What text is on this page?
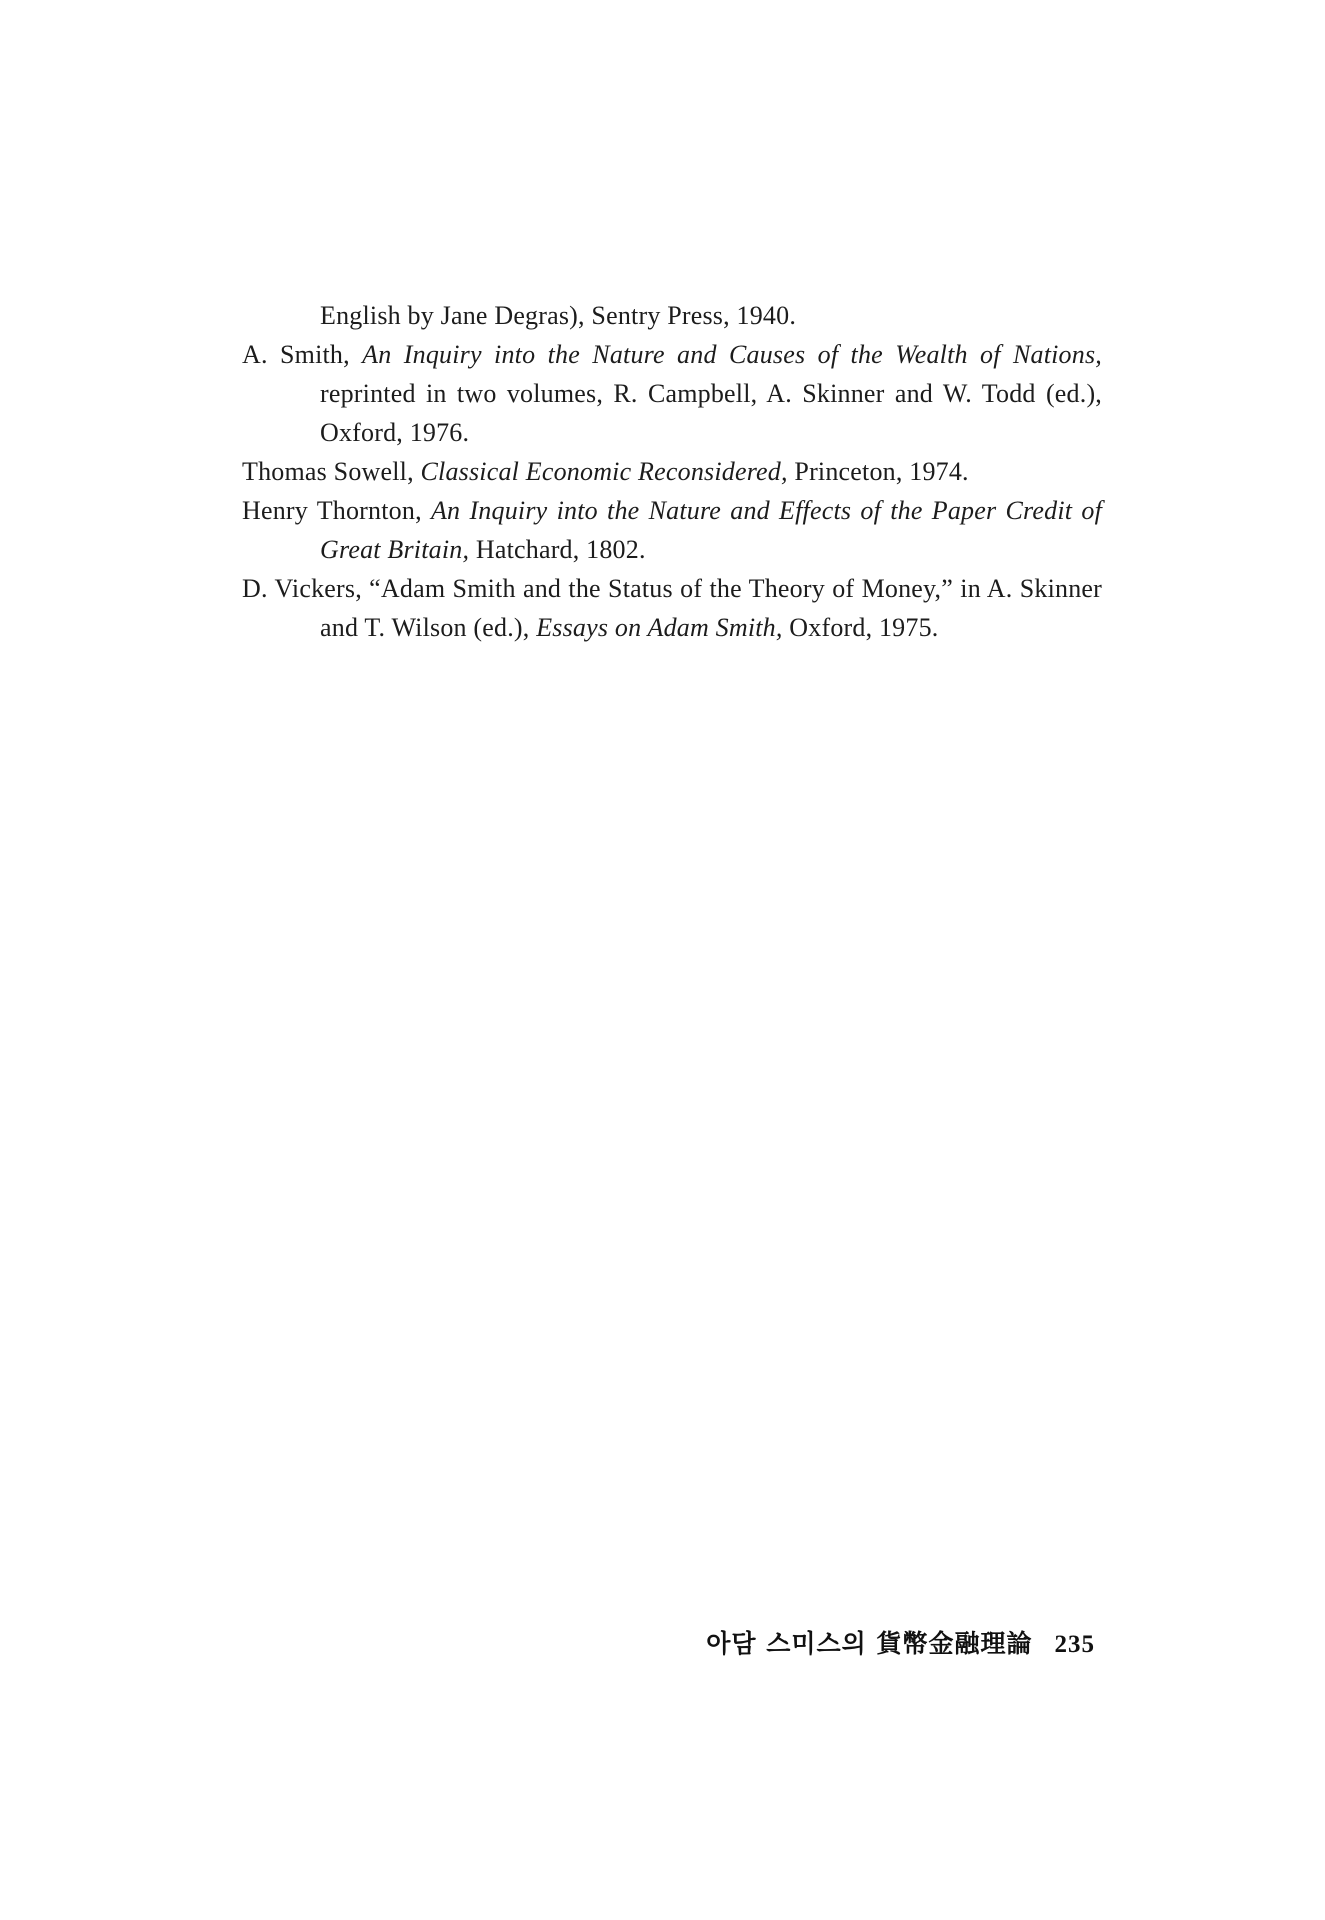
English by Jane Degras), Sentry Press, 1940.
A. Smith, An Inquiry into the Nature and Causes of the Wealth of Nations, reprinted in two volumes, R. Campbell, A. Skinner and W. Todd (ed.), Oxford, 1976.
Thomas Sowell, Classical Economic Reconsidered, Princeton, 1974.
Henry Thornton, An Inquiry into the Nature and Effects of the Paper Credit of Great Britain, Hatchard, 1802.
D. Vickers, “Adam Smith and the Status of the Theory of Money,” in A. Skinner and T. Wilson (ed.), Essays on Adam Smith, Oxford, 1975.
아담 스미스의 貨幣金融理論 235
